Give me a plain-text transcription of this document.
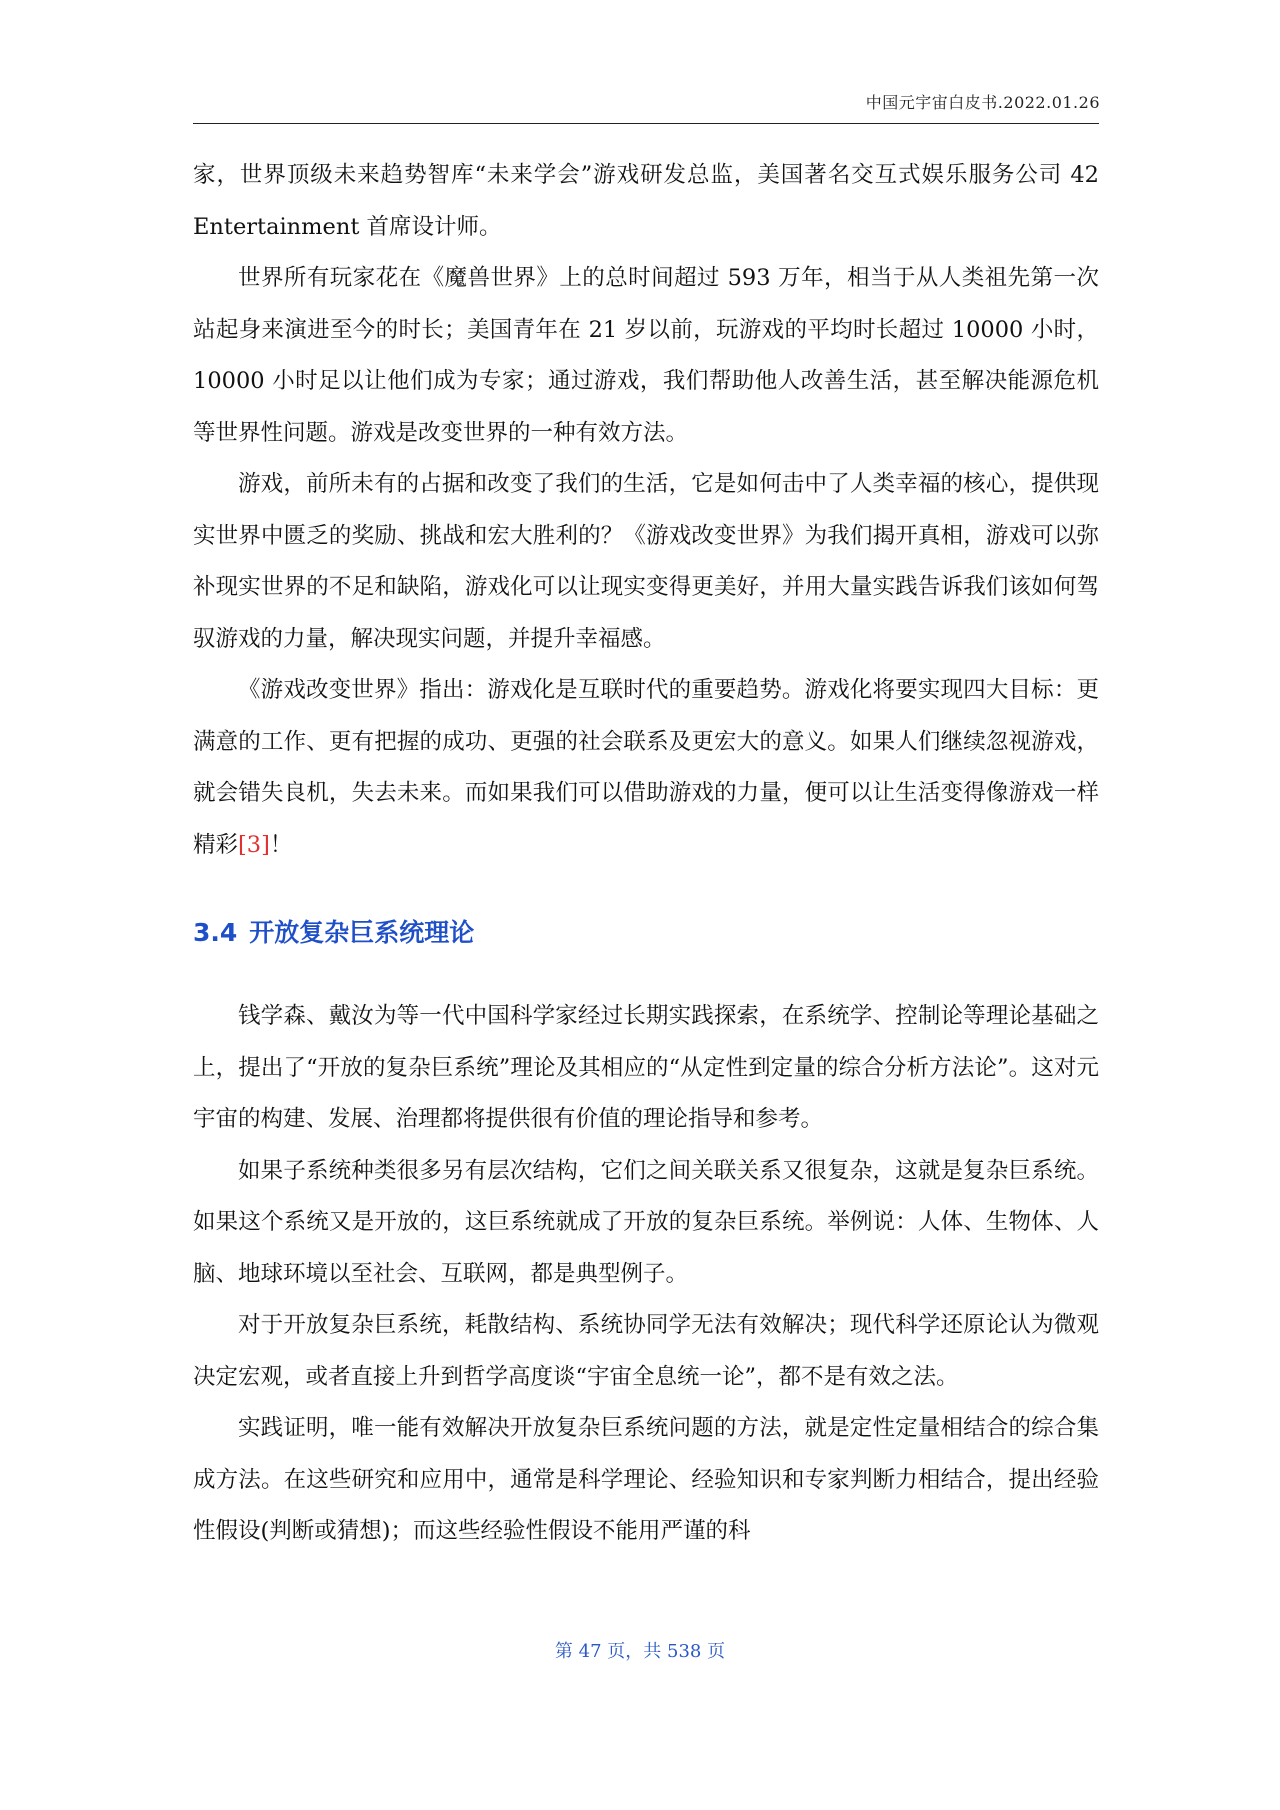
中国元宇宙白皮书.2022.01.26

家，世界顶级未来趋势智库“未来学会”游戏研发总监，美国著名交互式娱乐服务公司 42 Entertainment 首席设计师。

世界所有玩家花在《魔兽世界》上的总时间超过 593 万年，相当于从人类祖先第一次站起身来演进至今的时长；美国青年在 21 岁以前，玩游戏的平均时长超过 10000 小时，10000 小时足以让他们成为专家；通过游戏，我们帮助他人改善生活，甚至解决能源危机等世界性问题。游戏是改变世界的一种有效方法。

游戏，前所未有的占据和改变了我们的生活，它是如何击中了人类幸福的核心，提供现实世界中匮乏的奖励、挑战和宏大胜利的？《游戏改变世界》为我们揭开真相，游戏可以弥补现实世界的不足和缺陷，游戏化可以让现实变得更美好，并用大量实践告诉我们该如何驾驭游戏的力量，解决现实问题，并提升幸福感。

《游戏改变世界》指出：游戏化是互联时代的重要趋势。游戏化将要实现四大目标：更满意的工作、更有把握的成功、更强的社会联系及更宏大的意义。如果人们继续忽视游戏，就会错失良机，失去未来。而如果我们可以借助游戏的力量，便可以让生活变得像游戏一样精彩[3]！

3.4 开放复杂巨系统理论

钱学森、戴汝为等一代中国科学家经过长期实践探索，在系统学、控制论等理论基础之上，提出了“开放的复杂巨系统”理论及其相应的“从定性到定量的综合分析方法论”。这对元宇宙的构建、发展、治理都将提供很有价值的理论指导和参考。

如果子系统种类很多另有层次结构，它们之间关联关系又很复杂，这就是复杂巨系统。如果这个系统又是开放的，这巨系统就成了开放的复杂巨系统。举例说：人体、生物体、人脑、地球环境以至社会、互联网，都是典型例子。

对于开放复杂巨系统，耗散结构、系统协同学无法有效解决；现代科学还原论认为微观决定宏观，或者直接上升到哲学高度谈“宇宙全息统一论”，都不是有效之法。

实践证明，唯一能有效解决开放复杂巨系统问题的方法，就是定性定量相结合的综合集成方法。在这些研究和应用中，通常是科学理论、经验知识和专家判断力相结合，提出经验性假设(判断或猜想)；而这些经验性假设不能用严谨的科

第 47 页，共 538 页
